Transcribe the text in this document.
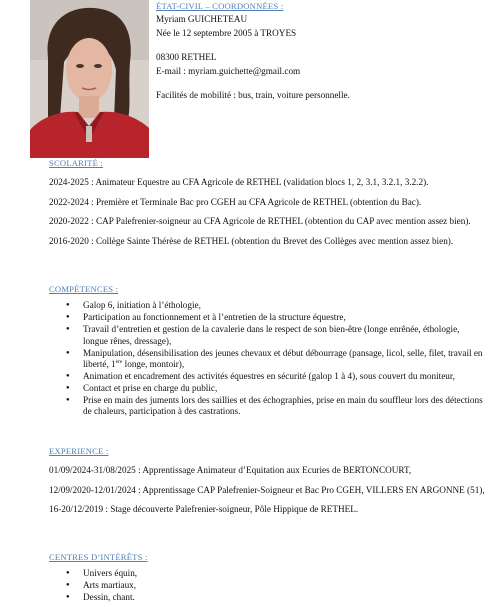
ÉTAT-CIVIL – COORDONNÉES :

Myriam GUICHETEAU

Née le 12 septembre 2005 à TROYES

08300 RETHEL

E-mail : myriam.guichette@gmail.com

Facilités de mobilité : bus, train, voiture personnelle.

SCOLARITÉ :

2024-2025 : Animateur Equestre au CFA Agricole de RETHEL (validation blocs 1, 2, 3.1, 3.2.1, 3.2.2).

2022-2024 : Première et Terminale Bac pro CGEH au CFA Agricole de RETHEL (obtention du Bac).

2020-2022 : CAP Palefrenier-soigneur au CFA Agricole de RETHEL (obtention du CAP avec mention assez bien).

2016-2020 : Collège Sainte Thérèse de RETHEL (obtention du Brevet des Collèges avec mention assez bien).

COMPÉTENCES :
● Galop 6, initiation à l’éthologie,
● Participation au fonctionnement et à l’entretien de la structure équestre,
● Travail d’entretien et gestion de la cavalerie dans le respect de son bien-être (longe enrênée, éthologie, longue rênes, dressage),
● Manipulation, désensibilisation des jeunes chevaux et début débourrage (pansage, licol, selle, filet, travail en liberté, 1ère longe, montoir),
● Animation et encadrement des activités équestres en sécurité (galop 1 à 4), sous couvert du moniteur,
● Contact et prise en charge du public,
● Prise en main des juments lors des saillies et des échographies, prise en main du souffleur lors des détections de chaleurs, participation à des castrations.
EXPERIENCE :

01/09/2024-31/08/2025 : Apprentissage Animateur d’Equitation aux Ecuries de BERTONCOURT,

12/09/2020-12/01/2024 : Apprentissage CAP Palefrenier-Soigneur et Bac Pro CGEH, VILLERS EN ARGONNE (51),

16-20/12/2019 : Stage découverte Palefrenier-soigneur, Pôle Hippique de RETHEL.

CENTRES D’INTÉRÊTS :
● Univers équin,
● Arts martiaux,
● Dessin, chant.
